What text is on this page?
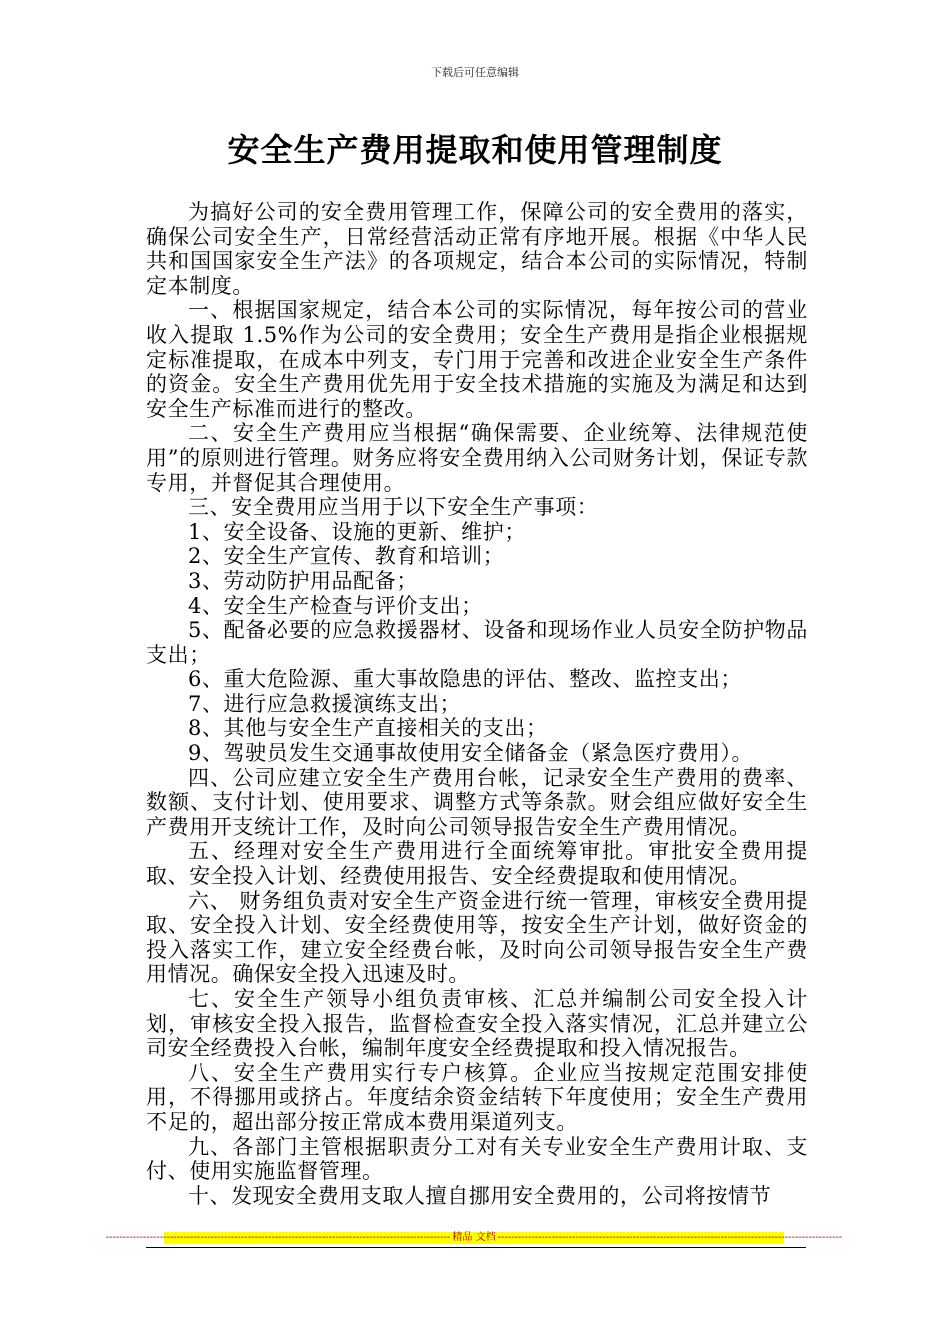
下载后可任意编辑
安全生产费用提取和使用管理制度

为搞好公司的安全费用管理工作，保障公司的安全费用的落实，确保公司安全生产，日常经营活动正常有序地开展。根据《中华人民共和国国家安全生产法》的各项规定，结合本公司的实际情况，特制定本制度。

一、根据国家规定，结合本公司的实际情况，每年按公司的营业收入提取 1.5%作为公司的安全费用；安全生产费用是指企业根据规定标准提取，在成本中列支，专门用于完善和改进企业安全生产条件的资金。安全生产费用优先用于安全技术措施的实施及为满足和达到安全生产标准而进行的整改。

二、安全生产费用应当根据“确保需要、企业统筹、法律规范使用”的原则进行管理。财务应将安全费用纳入公司财务计划，保证专款专用，并督促其合理使用。

三、安全费用应当用于以下安全生产事项：

1、安全设备、设施的更新、维护；

2、安全生产宣传、教育和培训；

3、劳动防护用品配备；

4、安全生产检查与评价支出；

5、配备必要的应急救援器材、设备和现场作业人员安全防护物品支出；

6、重大危险源、重大事故隐患的评估、整改、监控支出；

7、进行应急救援演练支出；

8、其他与安全生产直接相关的支出；

9、驾驶员发生交通事故使用安全储备金（紧急医疗费用）。

四、公司应建立安全生产费用台帐，记录安全生产费用的费率、数额、支付计划、使用要求、调整方式等条款。财会组应做好安全生产费用开支统计工作，及时向公司领导报告安全生产费用情况。

五、经理对安全生产费用进行全面统筹审批。审批安全费用提取、安全投入计划、经费使用报告、安全经费提取和使用情况。

六、 财务组负责对安全生产资金进行统一管理，审核安全费用提取、安全投入计划、安全经费使用等，按安全生产计划，做好资金的投入落实工作，建立安全经费台帐，及时向公司领导报告安全生产费用情况。确保安全投入迅速及时。

七、安全生产领导小组负责审核、汇总并编制公司安全投入计划，审核安全投入报告，监督检查安全投入落实情况，汇总并建立公司安全经费投入台帐，编制年度安全经费提取和投入情况报告。

八、安全生产费用实行专户核算。企业应当按规定范围安排使用，不得挪用或挤占。年度结余资金结转下年度使用；安全生产费用不足的，超出部分按正常成本费用渠道列支。

九、各部门主管根据职责分工对有关专业安全生产费用计取、支付、使用实施监督管理。

十、发现安全费用支取人擅自挪用安全费用的，公司将按情节

------------------------------------------------------------------------------------------------------ 精品 文档 ------------------------------------------------------------------------------------------------------
